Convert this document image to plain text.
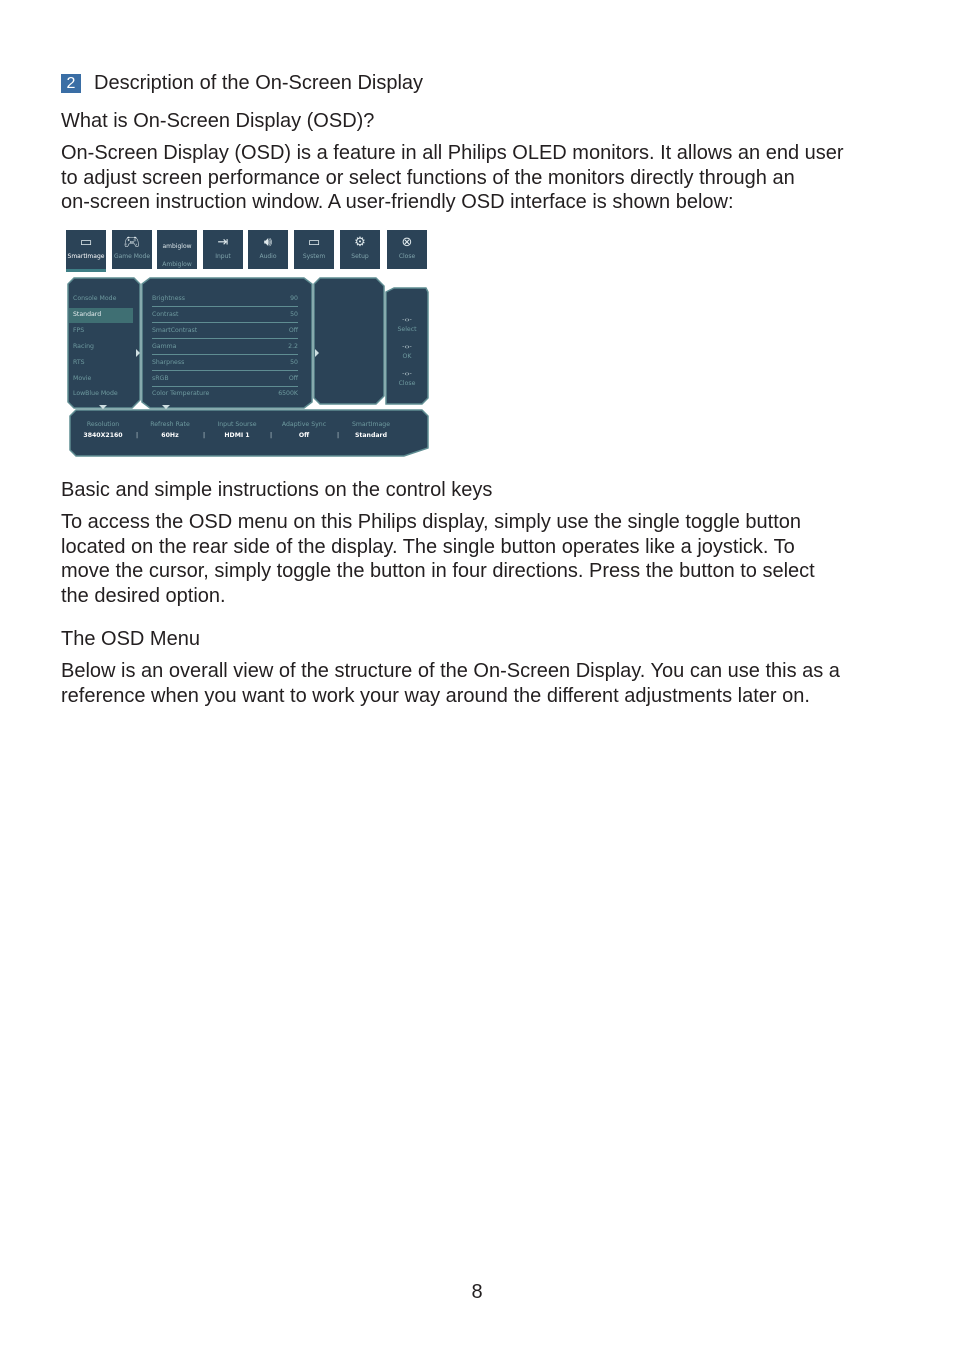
2 Description of the On-Screen Display
What is On-Screen Display (OSD)?
On-Screen Display (OSD) is a feature in all Philips OLED monitors. It allows an end user
to adjust screen performance or select functions of the monitors directly through an
on-screen instruction window. A user-friendly OSD interface is shown below:
▭
SmartImage
🎮︎
Game Mode
ambiglow
Ambiglow
⇥
Input
🔊︎
Audio
▭
System
⚙
Setup
⊗
Close
Console Mode
Standard
FPS
Racing
RTS
Movie
LowBlue Mode
Brightness	90
Contrast	50
SmartContrast	Off
Gamma	2.2
Sharpness	50
sRGB	Off
Color Temperature	6500K
·‹›·
Select
·‹›·
OK
·‹›·
Close
Resolution
3840X2160	|
Refresh Rate
60Hz	|
Input Sourse
HDMI 1	|
Adaptive Sync
Off	|
SmartImage
Standard
Basic and simple instructions on the control keys
To access the OSD menu on this Philips display, simply use the single toggle button
located on the rear side of the display. The single button operates like a joystick. To
move the cursor, simply toggle the button in four directions. Press the button to select
the desired option.
The OSD Menu
Below is an overall view of the structure of the On-Screen Display. You can use this as a
reference when you want to work your way around the different adjustments later on.
8
